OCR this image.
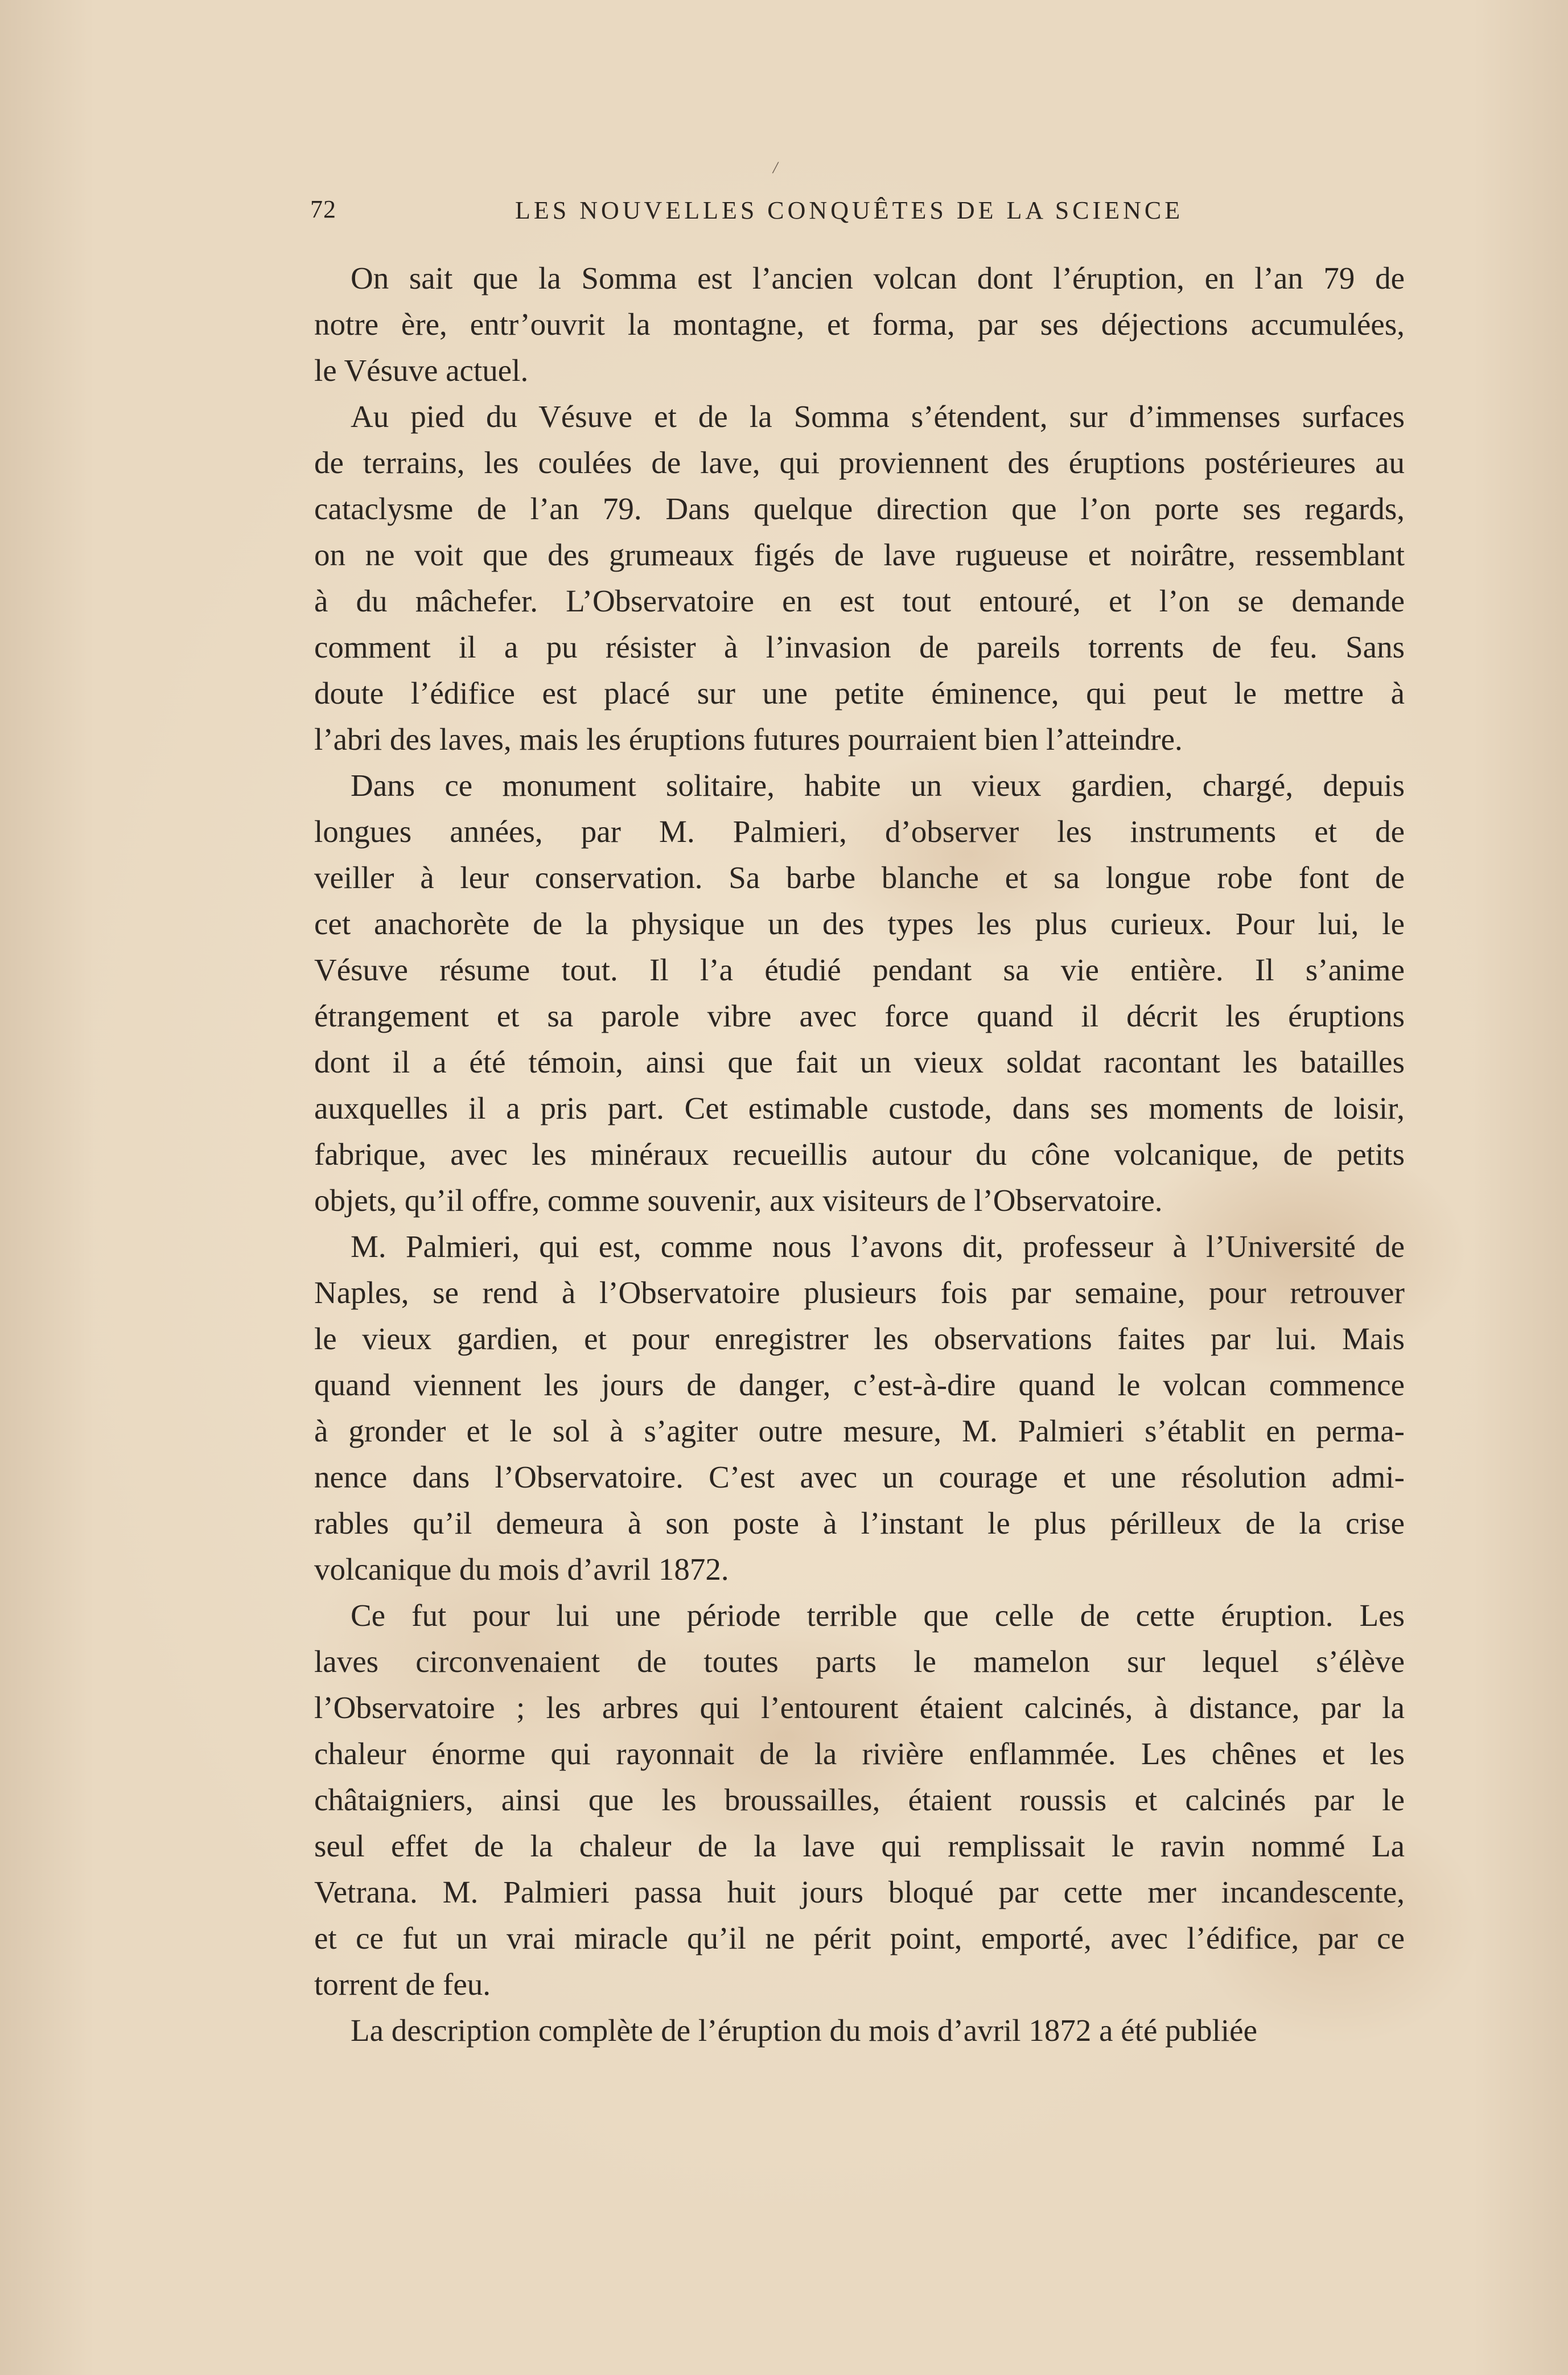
/
72	LES NOUVELLES CONQUÊTES DE LA SCIENCE
On sait que la Somma est l’ancien volcan dont l’éruption, en l’an 79 de
notre ère, entr’ouvrit la montagne, et forma, par ses déjections accumulées,
le Vésuve actuel.
Au pied du Vésuve et de la Somma s’étendent, sur d’immenses surfaces
de terrains, les coulées de lave, qui proviennent des éruptions postérieures au
cataclysme de l’an 79. Dans quelque direction que l’on porte ses regards,
on ne voit que des grumeaux figés de lave rugueuse et noirâtre, ressemblant
à du mâchefer. L’Observatoire en est tout entouré, et l’on se demande
comment il a pu résister à l’invasion de pareils torrents de feu. Sans
doute l’édifice est placé sur une petite éminence, qui peut le mettre à
l’abri des laves, mais les éruptions futures pourraient bien l’atteindre.
Dans ce monument solitaire, habite un vieux gardien, chargé, depuis
longues années, par M. Palmieri, d’observer les instruments et de
veiller à leur conservation. Sa barbe blanche et sa longue robe font de
cet anachorète de la physique un des types les plus curieux. Pour lui, le
Vésuve résume tout. Il l’a étudié pendant sa vie entière. Il s’anime
étrangement et sa parole vibre avec force quand il décrit les éruptions
dont il a été témoin, ainsi que fait un vieux soldat racontant les batailles
auxquelles il a pris part. Cet estimable custode, dans ses moments de loisir,
fabrique, avec les minéraux recueillis autour du cône volcanique, de petits
objets, qu’il offre, comme souvenir, aux visiteurs de l’Observatoire.
M. Palmieri, qui est, comme nous l’avons dit, professeur à l’Université de
Naples, se rend à l’Observatoire plusieurs fois par semaine, pour retrouver
le vieux gardien, et pour enregistrer les observations faites par lui. Mais
quand viennent les jours de danger, c’est-à-dire quand le volcan commence
à gronder et le sol à s’agiter outre mesure, M. Palmieri s’établit en perma-
nence dans l’Observatoire. C’est avec un courage et une résolution admi-
rables qu’il demeura à son poste à l’instant le plus périlleux de la crise
volcanique du mois d’avril 1872.
Ce fut pour lui une période terrible que celle de cette éruption. Les
laves circonvenaient de toutes parts le mamelon sur lequel s’élève
l’Observatoire ; les arbres qui l’entourent étaient calcinés, à distance, par la
chaleur énorme qui rayonnait de la rivière enflammée. Les chênes et les
châtaigniers, ainsi que les broussailles, étaient roussis et calcinés par le
seul effet de la chaleur de la lave qui remplissait le ravin nommé La
Vetrana. M. Palmieri passa huit jours bloqué par cette mer incandescente,
et ce fut un vrai miracle qu’il ne périt point, emporté, avec l’édifice, par ce
torrent de feu.
La description complète de l’éruption du mois d’avril 1872 a été publiée
